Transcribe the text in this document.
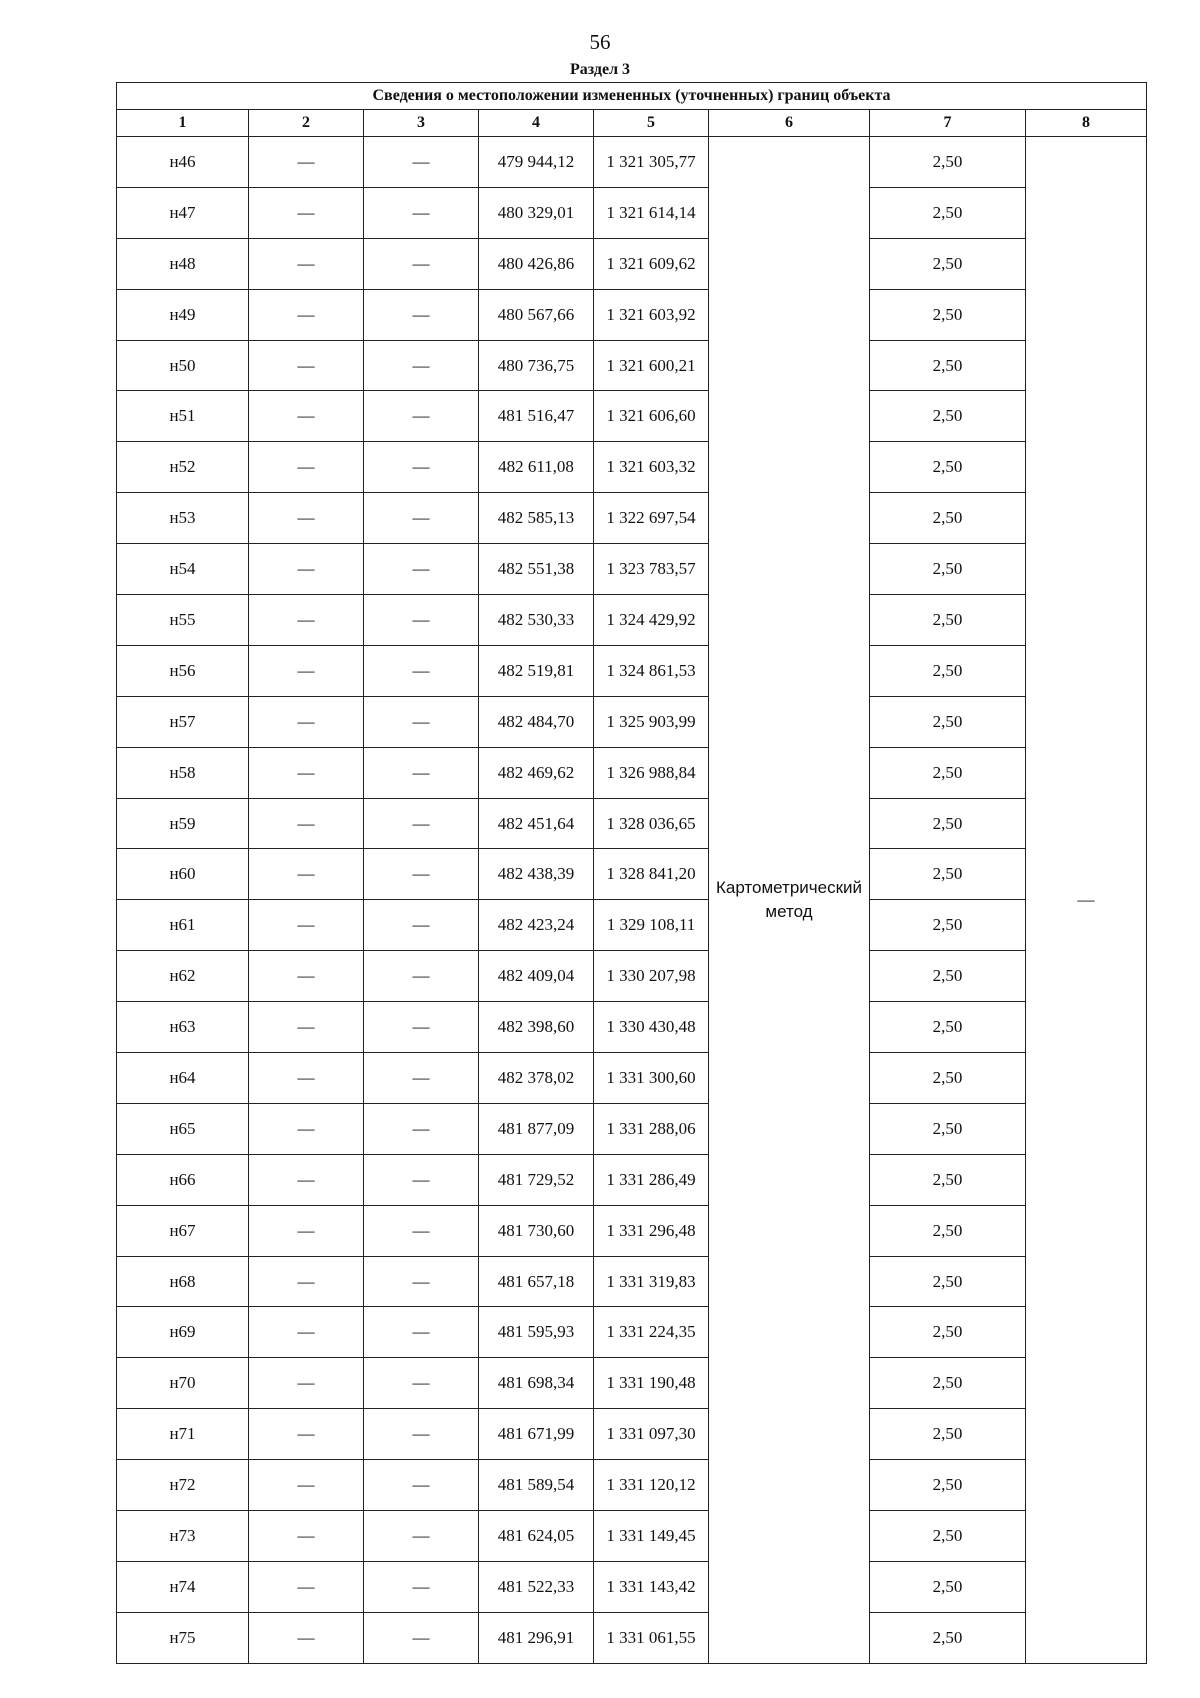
56
Раздел 3
Сведения о местоположении измененных (уточненных) границ объекта							
1	2	3	4	5	6	7	8
н46	—	—	479 944,12	1 321 305,77	Картометрический метод	2,50	—
н47	—	—	480 329,01	1 321 614,14		2,50	
н48	—	—	480 426,86	1 321 609,62		2,50	
н49	—	—	480 567,66	1 321 603,92		2,50	
н50	—	—	480 736,75	1 321 600,21		2,50	
н51	—	—	481 516,47	1 321 606,60		2,50	
н52	—	—	482 611,08	1 321 603,32		2,50	
н53	—	—	482 585,13	1 322 697,54		2,50	
н54	—	—	482 551,38	1 323 783,57		2,50	
н55	—	—	482 530,33	1 324 429,92		2,50	
н56	—	—	482 519,81	1 324 861,53		2,50	
н57	—	—	482 484,70	1 325 903,99		2,50	
н58	—	—	482 469,62	1 326 988,84		2,50	
н59	—	—	482 451,64	1 328 036,65		2,50	
н60	—	—	482 438,39	1 328 841,20		2,50	
н61	—	—	482 423,24	1 329 108,11		2,50	
н62	—	—	482 409,04	1 330 207,98		2,50	
н63	—	—	482 398,60	1 330 430,48		2,50	
н64	—	—	482 378,02	1 331 300,60		2,50	
н65	—	—	481 877,09	1 331 288,06		2,50	
н66	—	—	481 729,52	1 331 286,49		2,50	
н67	—	—	481 730,60	1 331 296,48		2,50	
н68	—	—	481 657,18	1 331 319,83		2,50	
н69	—	—	481 595,93	1 331 224,35		2,50	
н70	—	—	481 698,34	1 331 190,48		2,50	
н71	—	—	481 671,99	1 331 097,30		2,50	
н72	—	—	481 589,54	1 331 120,12		2,50	
н73	—	—	481 624,05	1 331 149,45		2,50	
н74	—	—	481 522,33	1 331 143,42		2,50	
н75	—	—	481 296,91	1 331 061,55		2,50	
